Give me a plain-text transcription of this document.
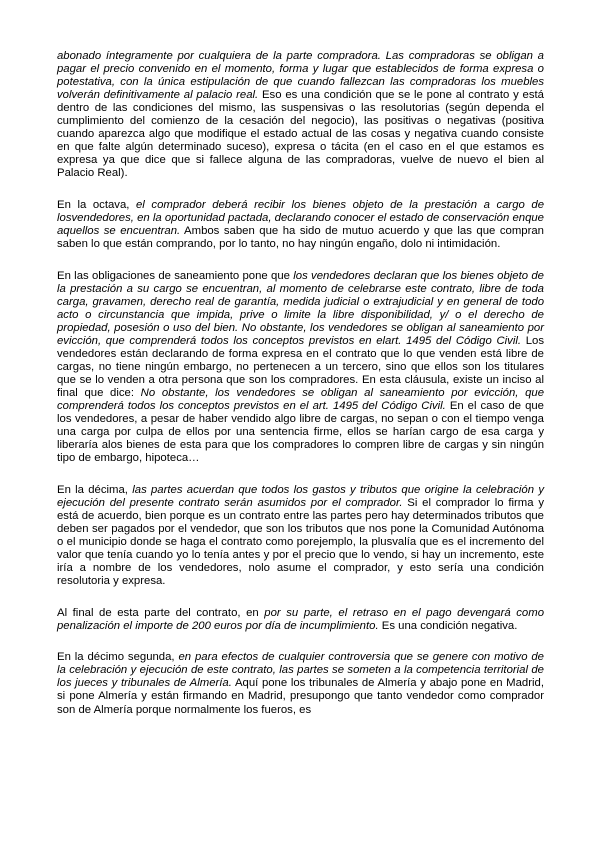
abonado íntegramente por cualquiera de la parte compradora. Las compradoras se obligan a pagar el precio convenido en el momento, forma y lugar que establecidos de forma expresa o potestativa, con la única estipulación de que cuando fallezcan las compradoras los muebles volverán definitivamente al palacio real. Eso es una condición que se le pone al contrato y está dentro de las condiciones del mismo, las suspensivas o las resolutorias (según dependa el cumplimiento del comienzo de la cesación del negocio), las positivas o negativas (positiva cuando aparezca algo que modifique el estado actual de las cosas y negativa cuando consiste en que falte algún determinado suceso), expresa o tácita (en el caso en el que estamos es expresa ya que dice que si fallece alguna de las compradoras, vuelve de nuevo el bien al Palacio Real).

En la octava, el comprador deberá recibir los bienes objeto de la prestación a cargo de losvendedores, en la oportunidad pactada, declarando conocer el estado de conservación enque aquellos se encuentran. Ambos saben que ha sido de mutuo acuerdo y que las que compran saben lo que están comprando, por lo tanto, no hay ningún engaño, dolo ni intimidación.

En las obligaciones de saneamiento pone que los vendedores declaran que los bienes objeto de la prestación a su cargo se encuentran, al momento de celebrarse este contrato, libre de toda carga, gravamen, derecho real de garantía, medida judicial o extrajudicial y en general de todo acto o circunstancia que impida, prive o limite la libre disponibilidad, y/ o el derecho de propiedad, posesión o uso del bien. No obstante, los vendedores se obligan al saneamiento por evicción, que comprenderá todos los conceptos previstos en elart. 1495 del Código Civil. Los vendedores están declarando de forma expresa en el contrato que lo que venden está libre de cargas, no tiene ningún embargo, no pertenecen a un tercero, sino que ellos son los titulares que se lo venden a otra persona que son los compradores. En esta cláusula, existe un inciso al final que dice: No obstante, los vendedores se obligan al saneamiento por evicción, que comprenderá todos los conceptos previstos en el art. 1495 del Código Civil. En el caso de que los vendedores, a pesar de haber vendido algo libre de cargas, no sepan o con el tiempo venga una carga por culpa de ellos por una sentencia firme, ellos se harían cargo de esa carga y liberaría alos bienes de esta para que los compradores lo compren libre de cargas y sin ningún tipo de embargo, hipoteca…

En la décima, las partes acuerdan que todos los gastos y tributos que origine la celebración y ejecución del presente contrato serán asumidos por el comprador. Si el comprador lo firma y está de acuerdo, bien porque es un contrato entre las partes pero hay determinados tributos que deben ser pagados por el vendedor, que son los tributos que nos pone la Comunidad Autónoma o el municipio donde se haga el contrato como porejemplo, la plusvalía que es el incremento del valor que tenía cuando yo lo tenía antes y por el precio que lo vendo, si hay un incremento, este iría a nombre de los vendedores, nolo asume el comprador, y esto sería una condición resolutoria y expresa.

Al final de esta parte del contrato, en por su parte, el retraso en el pago devengará como penalización el importe de 200 euros por día de incumplimiento. Es una condición negativa.

En la décimo segunda, en para efectos de cualquier controversia que se genere con motivo de la celebración y ejecución de este contrato, las partes se someten a la competencia territorial de los jueces y tribunales de Almería. Aquí pone los tribunales de Almería y abajo pone en Madrid, si pone Almería y están firmando en Madrid, presupongo que tanto vendedor como comprador son de Almería porque normalmente los fueros, es
